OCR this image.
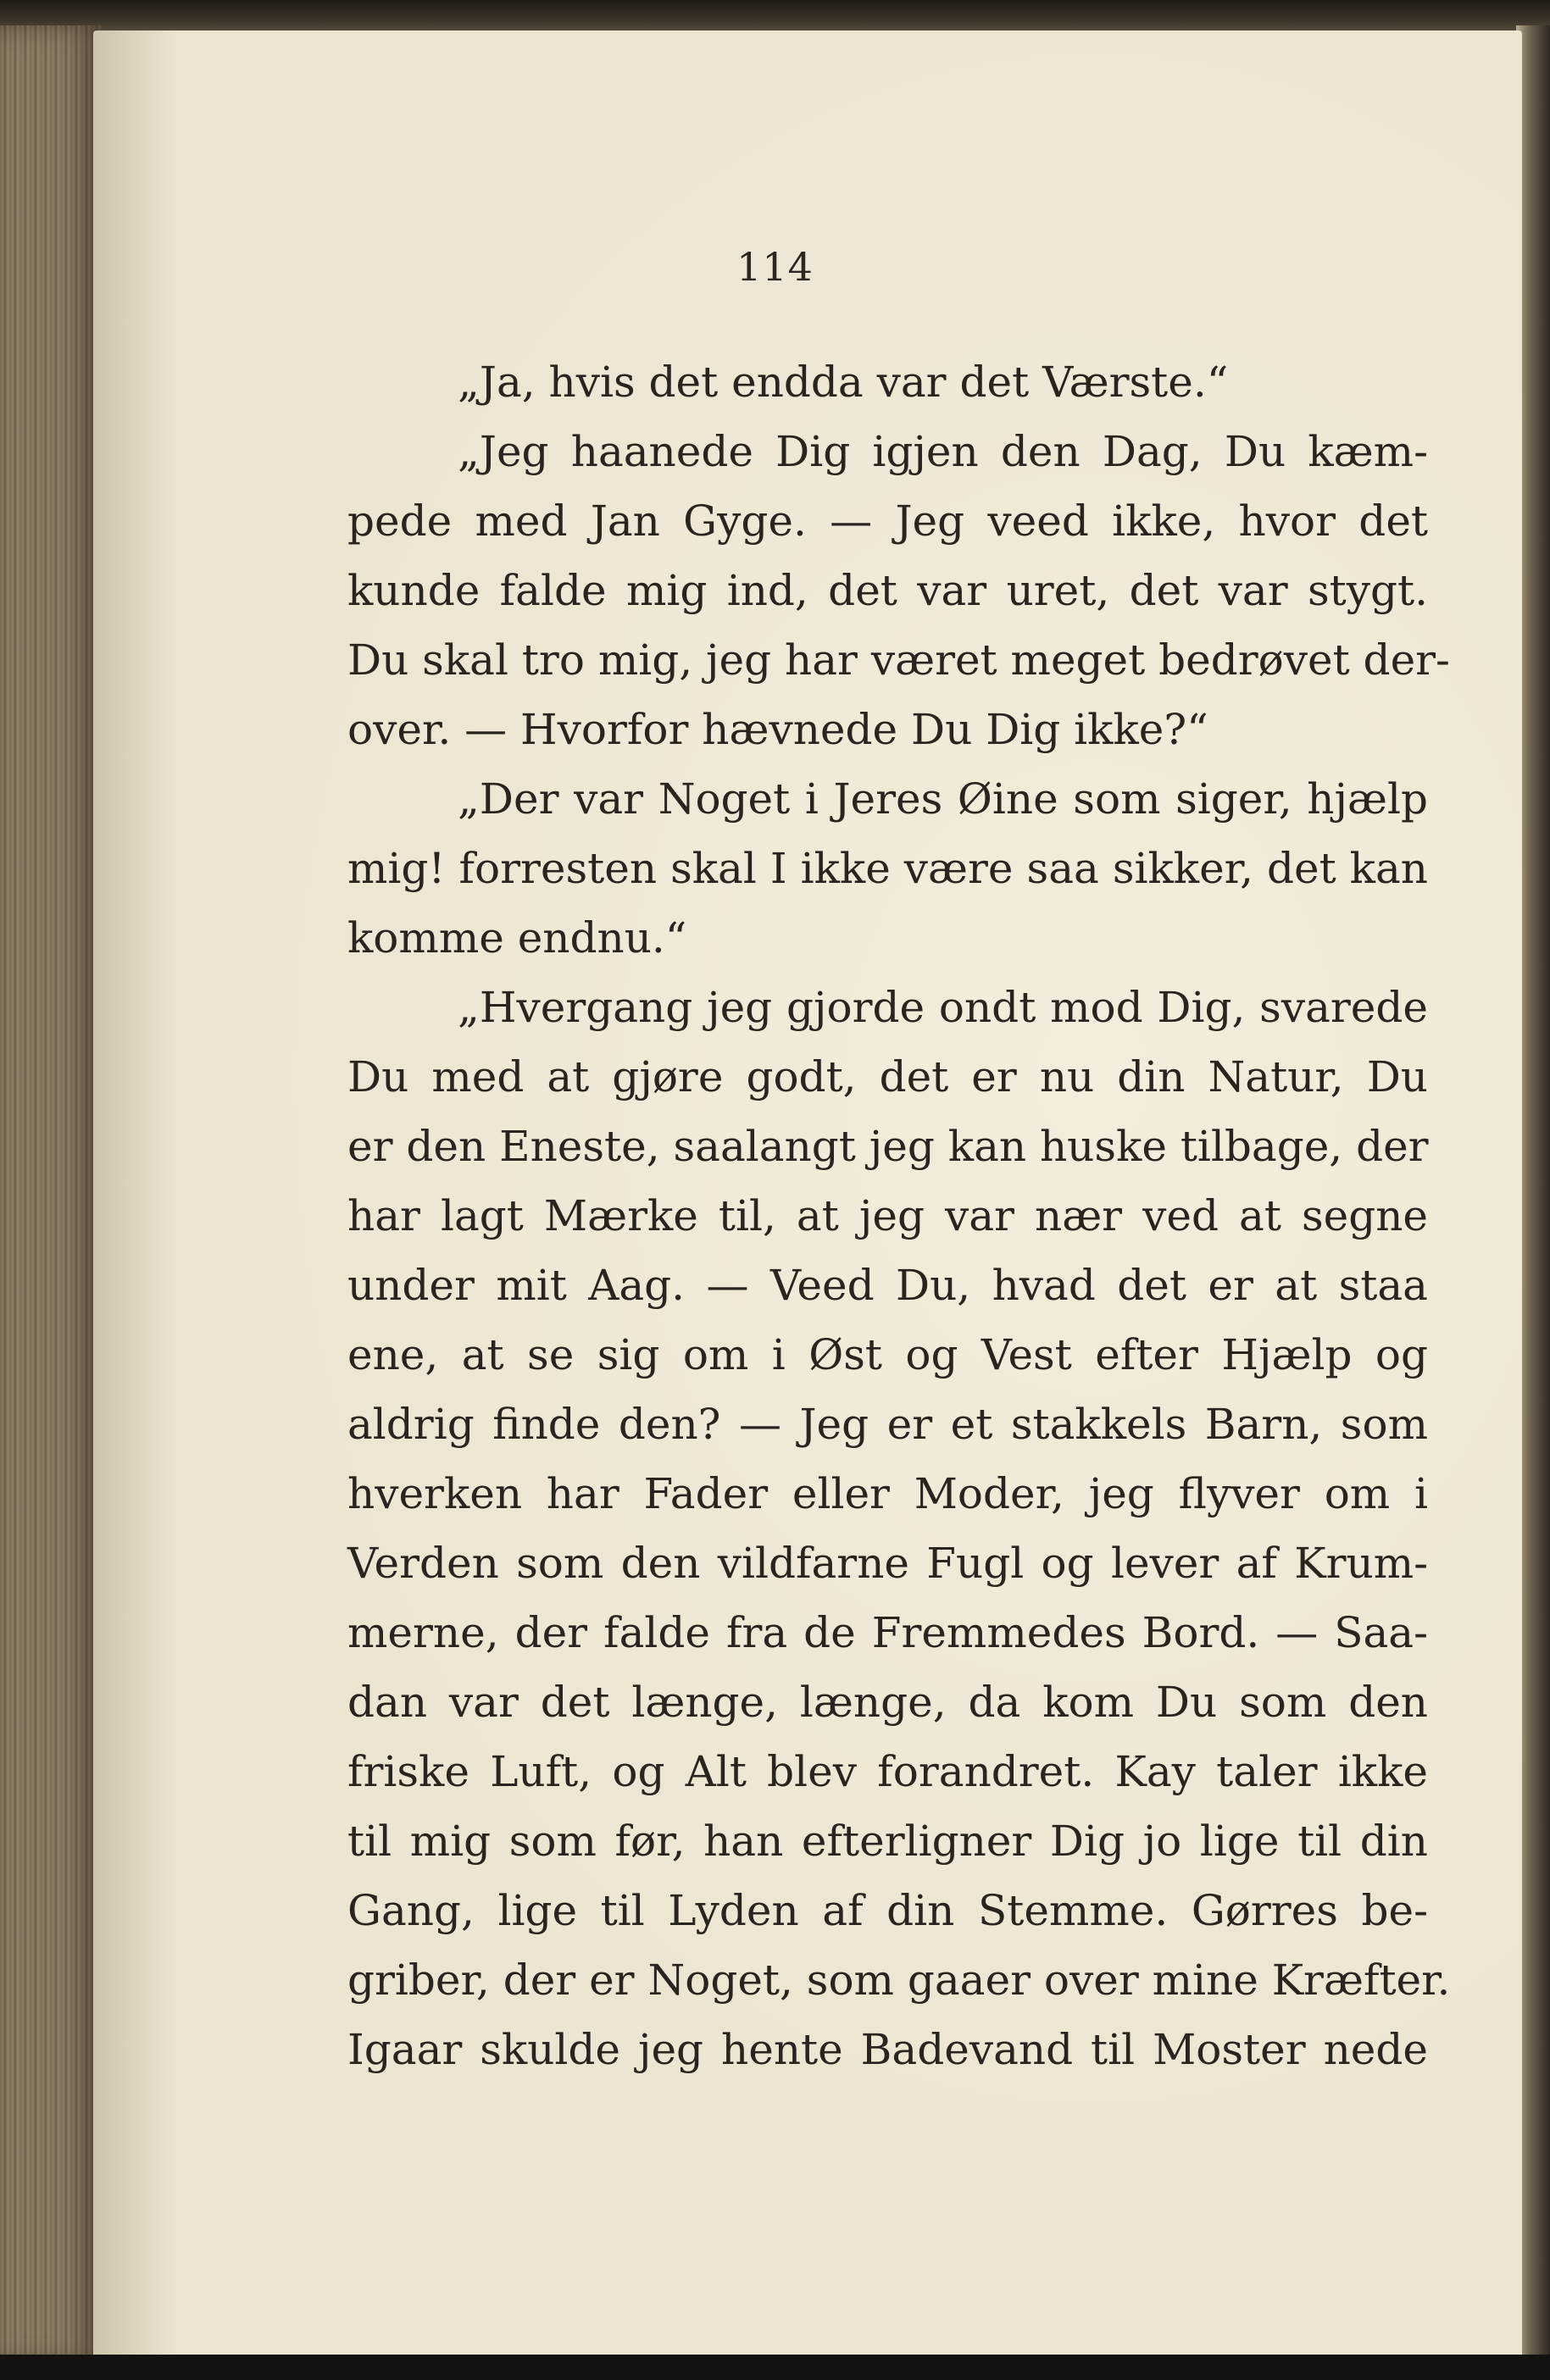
114
„Ja, hvis det endda var det Værste.“
„Jeg haanede Dig igjen den Dag, Du kæm-
pede med Jan Gyge. — Jeg veed ikke, hvor det
kunde falde mig ind, det var uret, det var stygt.
Du skal tro mig, jeg har været meget bedrøvet der-
over. — Hvorfor hævnede Du Dig ikke?“
„Der var Noget i Jeres Øine som siger, hjælp
mig! forresten skal I ikke være saa sikker, det kan
komme endnu.“
„Hvergang jeg gjorde ondt mod Dig, svarede
Du med at gjøre godt, det er nu din Natur, Du
er den Eneste, saalangt jeg kan huske tilbage, der
har lagt Mærke til, at jeg var nær ved at segne
under mit Aag. — Veed Du, hvad det er at staa
ene, at se sig om i Øst og Vest efter Hjælp og
aldrig finde den? — Jeg er et stakkels Barn, som
hverken har Fader eller Moder, jeg flyver om i
Verden som den vildfarne Fugl og lever af Krum-
merne, der falde fra de Fremmedes Bord. — Saa-
dan var det længe, længe, da kom Du som den
friske Luft, og Alt blev forandret. Kay taler ikke
til mig som før, han efterligner Dig jo lige til din
Gang, lige til Lyden af din Stemme. Gørres be-
griber, der er Noget, som gaaer over mine Kræfter.
Igaar skulde jeg hente Badevand til Moster nede
